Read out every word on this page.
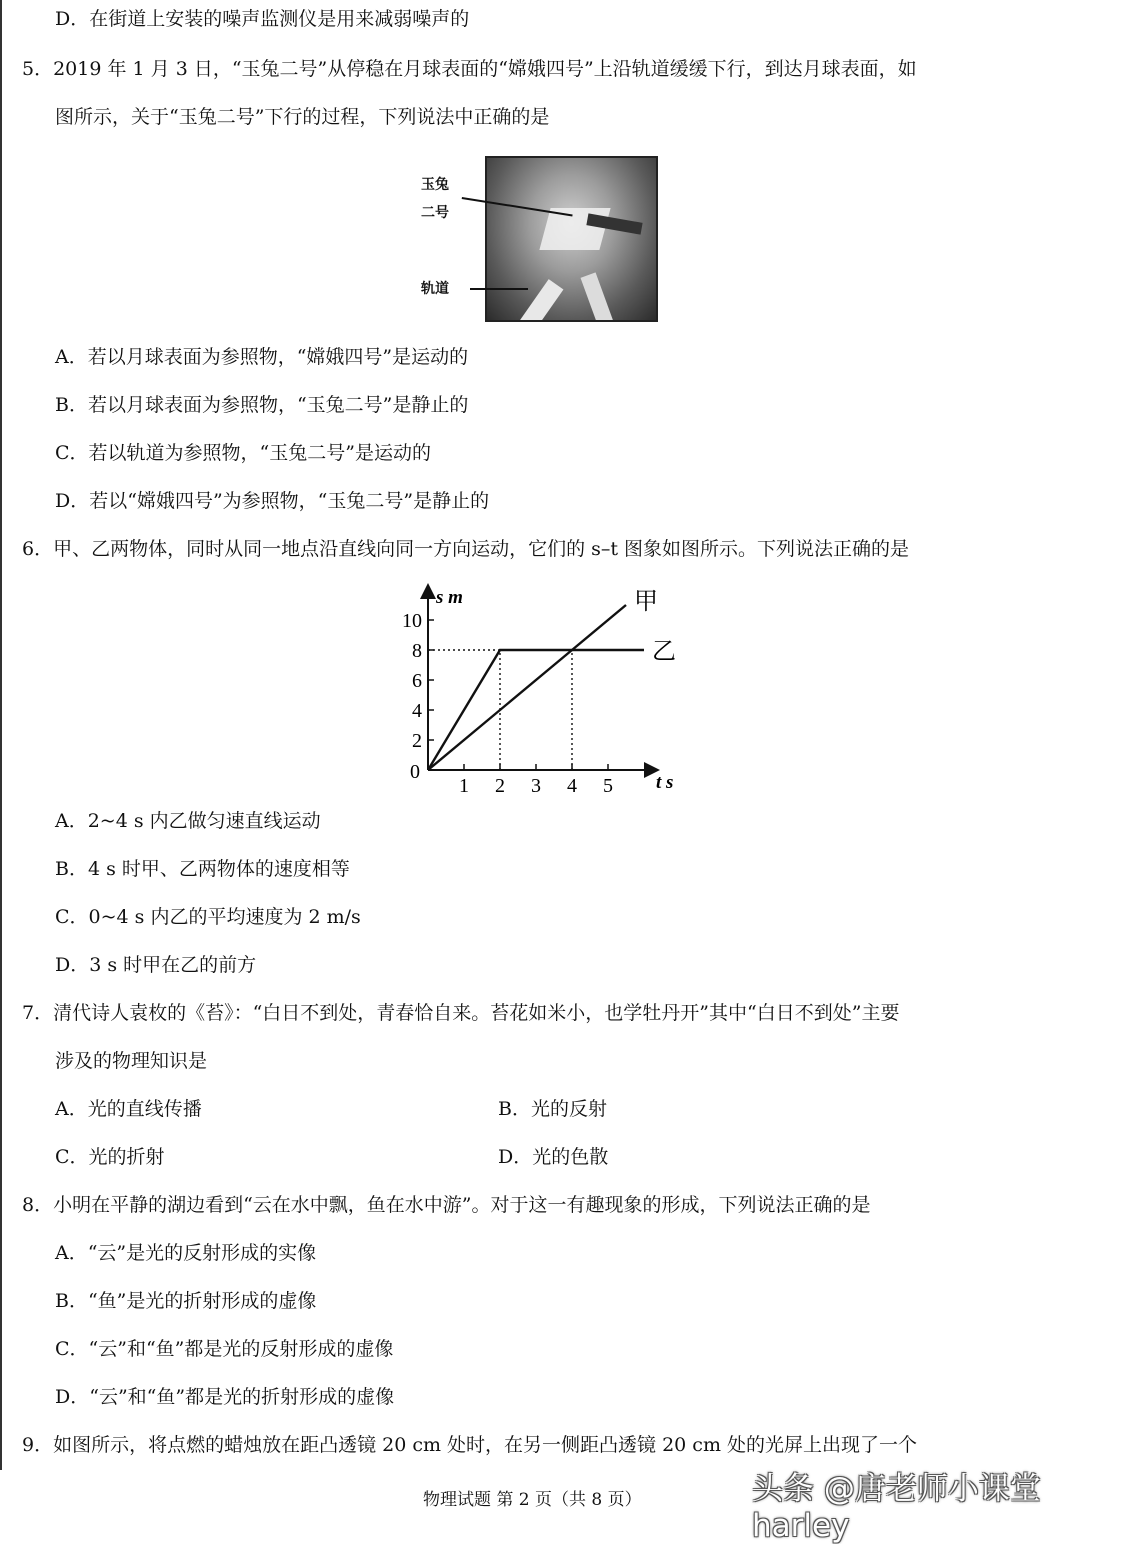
D．在街道上安装的噪声监测仪是用来减弱噪声的
5．2019 年 1 月 3 日，“玉兔二号”从停稳在月球表面的“嫦娥四号”上沿轨道缓缓下行，到达月球表面，如
图所示，关于“玉兔二号”下行的过程，下列说法中正确的是
玉兔
二号
轨道
A．若以月球表面为参照物，“嫦娥四号”是运动的
B．若以月球表面为参照物，“玉兔二号”是静止的
C．若以轨道为参照物，“玉兔二号”是运动的
D．若以“嫦娥四号”为参照物，“玉兔二号”是静止的
6．甲、乙两物体，同时从同一地点沿直线向同一方向运动，它们的 s–t 图象如图所示。下列说法正确的是
1 2 3 4 5
2
4
6
8
10
0
s m
t s
甲
乙
A．2~4 s 内乙做匀速直线运动
B．4 s 时甲、乙两物体的速度相等
C．0~4 s 内乙的平均速度为 2 m/s
D．3 s 时甲在乙的前方
7．清代诗人袁枚的《苔》：“白日不到处，青春恰自来。苔花如米小，也学牡丹开”其中“白日不到处”主要
涉及的物理知识是
A．光的直线传播	B．光的反射
C．光的折射	D．光的色散
8．小明在平静的湖边看到“云在水中飘，鱼在水中游”。对于这一有趣现象的形成，下列说法正确的是
A．“云”是光的反射形成的实像
B．“鱼”是光的折射形成的虚像
C．“云”和“鱼”都是光的反射形成的虚像
D．“云”和“鱼”都是光的折射形成的虚像
9．如图所示，将点燃的蜡烛放在距凸透镜 20 cm 处时，在另一侧距凸透镜 20 cm 处的光屏上出现了一个
物理试题 第 2 页（共 8 页）	头条 @唐老师小课堂harley
